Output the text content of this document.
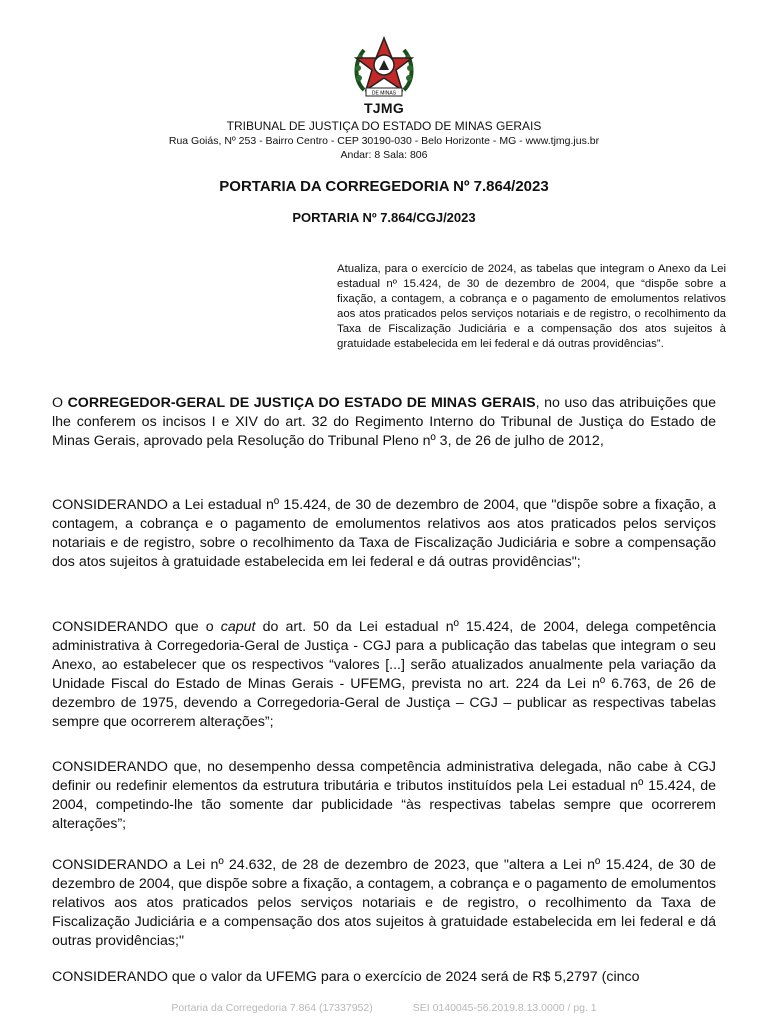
DE MINAS
TJMG
TRIBUNAL DE JUSTIÇA DO ESTADO DE MINAS GERAIS
Rua Goiás, Nº 253 - Bairro Centro - CEP 30190-030 - Belo Horizonte - MG - www.tjmg.jus.br
Andar: 8 Sala: 806
PORTARIA DA CORREGEDORIA Nº 7.864/2023
PORTARIA Nº 7.864/CGJ/2023
Atualiza, para o exercício de 2024, as tabelas que integram o Anexo da Lei estadual nº 15.424, de 30 de dezembro de 2004, que “dispõe sobre a fixação, a contagem, a cobrança e o pagamento de emolumentos relativos aos atos praticados pelos serviços notariais e de registro, o recolhimento da Taxa de Fiscalização Judiciária e a compensação dos atos sujeitos à gratuidade estabelecida em lei federal e dá outras providências”.

O CORREGEDOR-GERAL DE JUSTIÇA DO ESTADO DE MINAS GERAIS, no uso das atribuições que lhe conferem os incisos I e XIV do art. 32 do Regimento Interno do Tribunal de Justiça do Estado de Minas Gerais, aprovado pela Resolução do Tribunal Pleno nº 3, de 26 de julho de 2012,

CONSIDERANDO a Lei estadual nº 15.424, de 30 de dezembro de 2004, que "dispõe sobre a fixação, a contagem, a cobrança e o pagamento de emolumentos relativos aos atos praticados pelos serviços notariais e de registro, sobre o recolhimento da Taxa de Fiscalização Judiciária e sobre a compensação dos atos sujeitos à gratuidade estabelecida em lei federal e dá outras providências";

CONSIDERANDO que o caput do art. 50 da Lei estadual nº 15.424, de 2004, delega competência administrativa à Corregedoria-Geral de Justiça - CGJ para a publicação das tabelas que integram o seu Anexo, ao estabelecer que os respectivos “valores [...] serão atualizados anualmente pela variação da Unidade Fiscal do Estado de Minas Gerais - UFEMG, prevista no art. 224 da Lei nº 6.763, de 26 de dezembro de 1975, devendo a Corregedoria-Geral de Justiça – CGJ – publicar as respectivas tabelas sempre que ocorrerem alterações”;

CONSIDERANDO que, no desempenho dessa competência administrativa delegada, não cabe à CGJ definir ou redefinir elementos da estrutura tributária e tributos instituídos pela Lei estadual nº 15.424, de 2004, competindo-lhe tão somente dar publicidade “às respectivas tabelas sempre que ocorrerem alterações”;

CONSIDERANDO a Lei nº 24.632, de 28 de dezembro de 2023, que "altera a Lei nº 15.424, de 30 de dezembro de 2004, que dispõe sobre a fixação, a contagem, a cobrança e o pagamento de emolumentos relativos aos atos praticados pelos serviços notariais e de registro, o recolhimento da Taxa de Fiscalização Judiciária e a compensação dos atos sujeitos à gratuidade estabelecida em lei federal e dá outras providências;"

CONSIDERANDO que o valor da UFEMG para o exercício de 2024 será de R$ 5,2797 (cinco

Portaria da Corregedoria 7.864 (17337952)	SEI 0140045-56.2019.8.13.0000 / pg. 1
